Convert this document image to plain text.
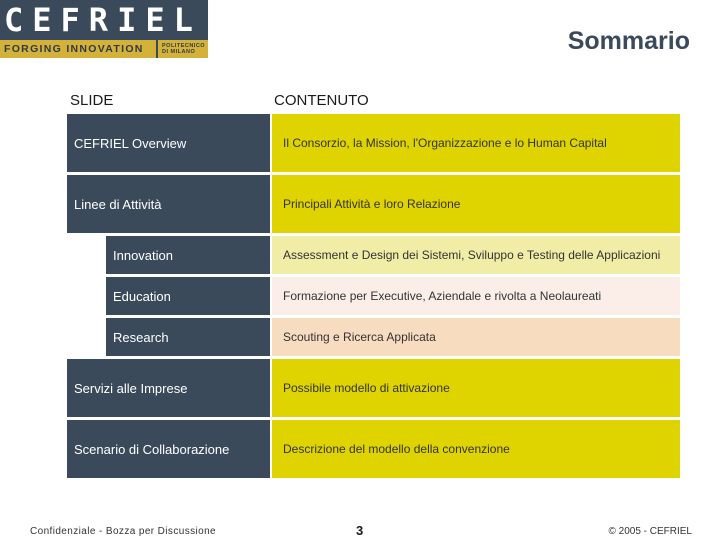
CEFRIEL
FORGING INNOVATION	POLITECNICO
DI MILANO	Sommario
SLIDE	CONTENUTO
CEFRIEL Overview	Il Consorzio, la Mission, l'Organizzazione e lo Human Capital
Linee di Attività	Principali Attività e loro Relazione
Innovation	Assessment e Design dei Sistemi, Sviluppo e Testing delle Applicazioni
Education	Formazione per Executive, Aziendale e rivolta a Neolaureati
Research	Scouting e Ricerca Applicata
Servizi alle Imprese	Possibile modello di attivazione
Scenario di Collaborazione	Descrizione del modello della convenzione
Confidenziale - Bozza per Discussione	3	© 2005 - CEFRIEL
